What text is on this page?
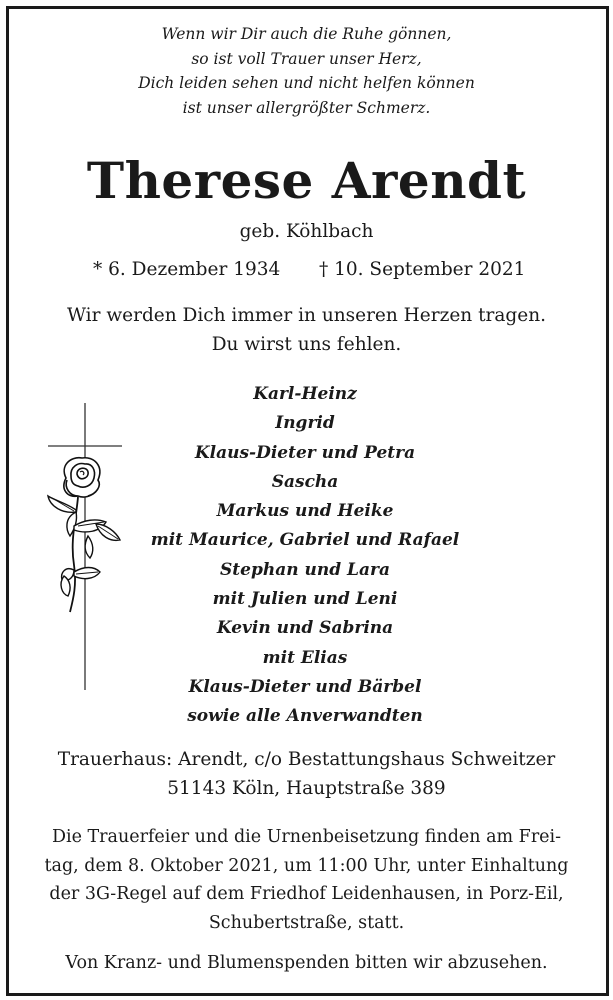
Wenn wir Dir auch die Ruhe gönnen,
so ist voll Trauer unser Herz,
Dich leiden sehen und nicht helfen können
ist unser allergrößter Schmerz.
Therese Arendt
geb. Köhlbach
* 6. Dezember 1934 † 10. September 2021
Wir werden Dich immer in unseren Herzen tragen.
Du wirst uns fehlen.
Karl-Heinz
Ingrid
Klaus-Dieter und Petra
Sascha
Markus und Heike
mit Maurice, Gabriel und Rafael
Stephan und Lara
mit Julien und Leni
Kevin und Sabrina
mit Elias
Klaus-Dieter und Bärbel
sowie alle Anverwandten
Trauerhaus: Arendt, c/o Bestattungshaus Schweitzer
51143 Köln, Hauptstraße 389
Die Trauerfeier und die Urnenbeisetzung finden am Frei-
tag, dem 8. Oktober 2021, um 11:00 Uhr, unter Einhaltung
der 3G-Regel auf dem Friedhof Leidenhausen, in Porz-Eil,
Schubertstraße, statt.
Von Kranz- und Blumenspenden bitten wir abzusehen.
